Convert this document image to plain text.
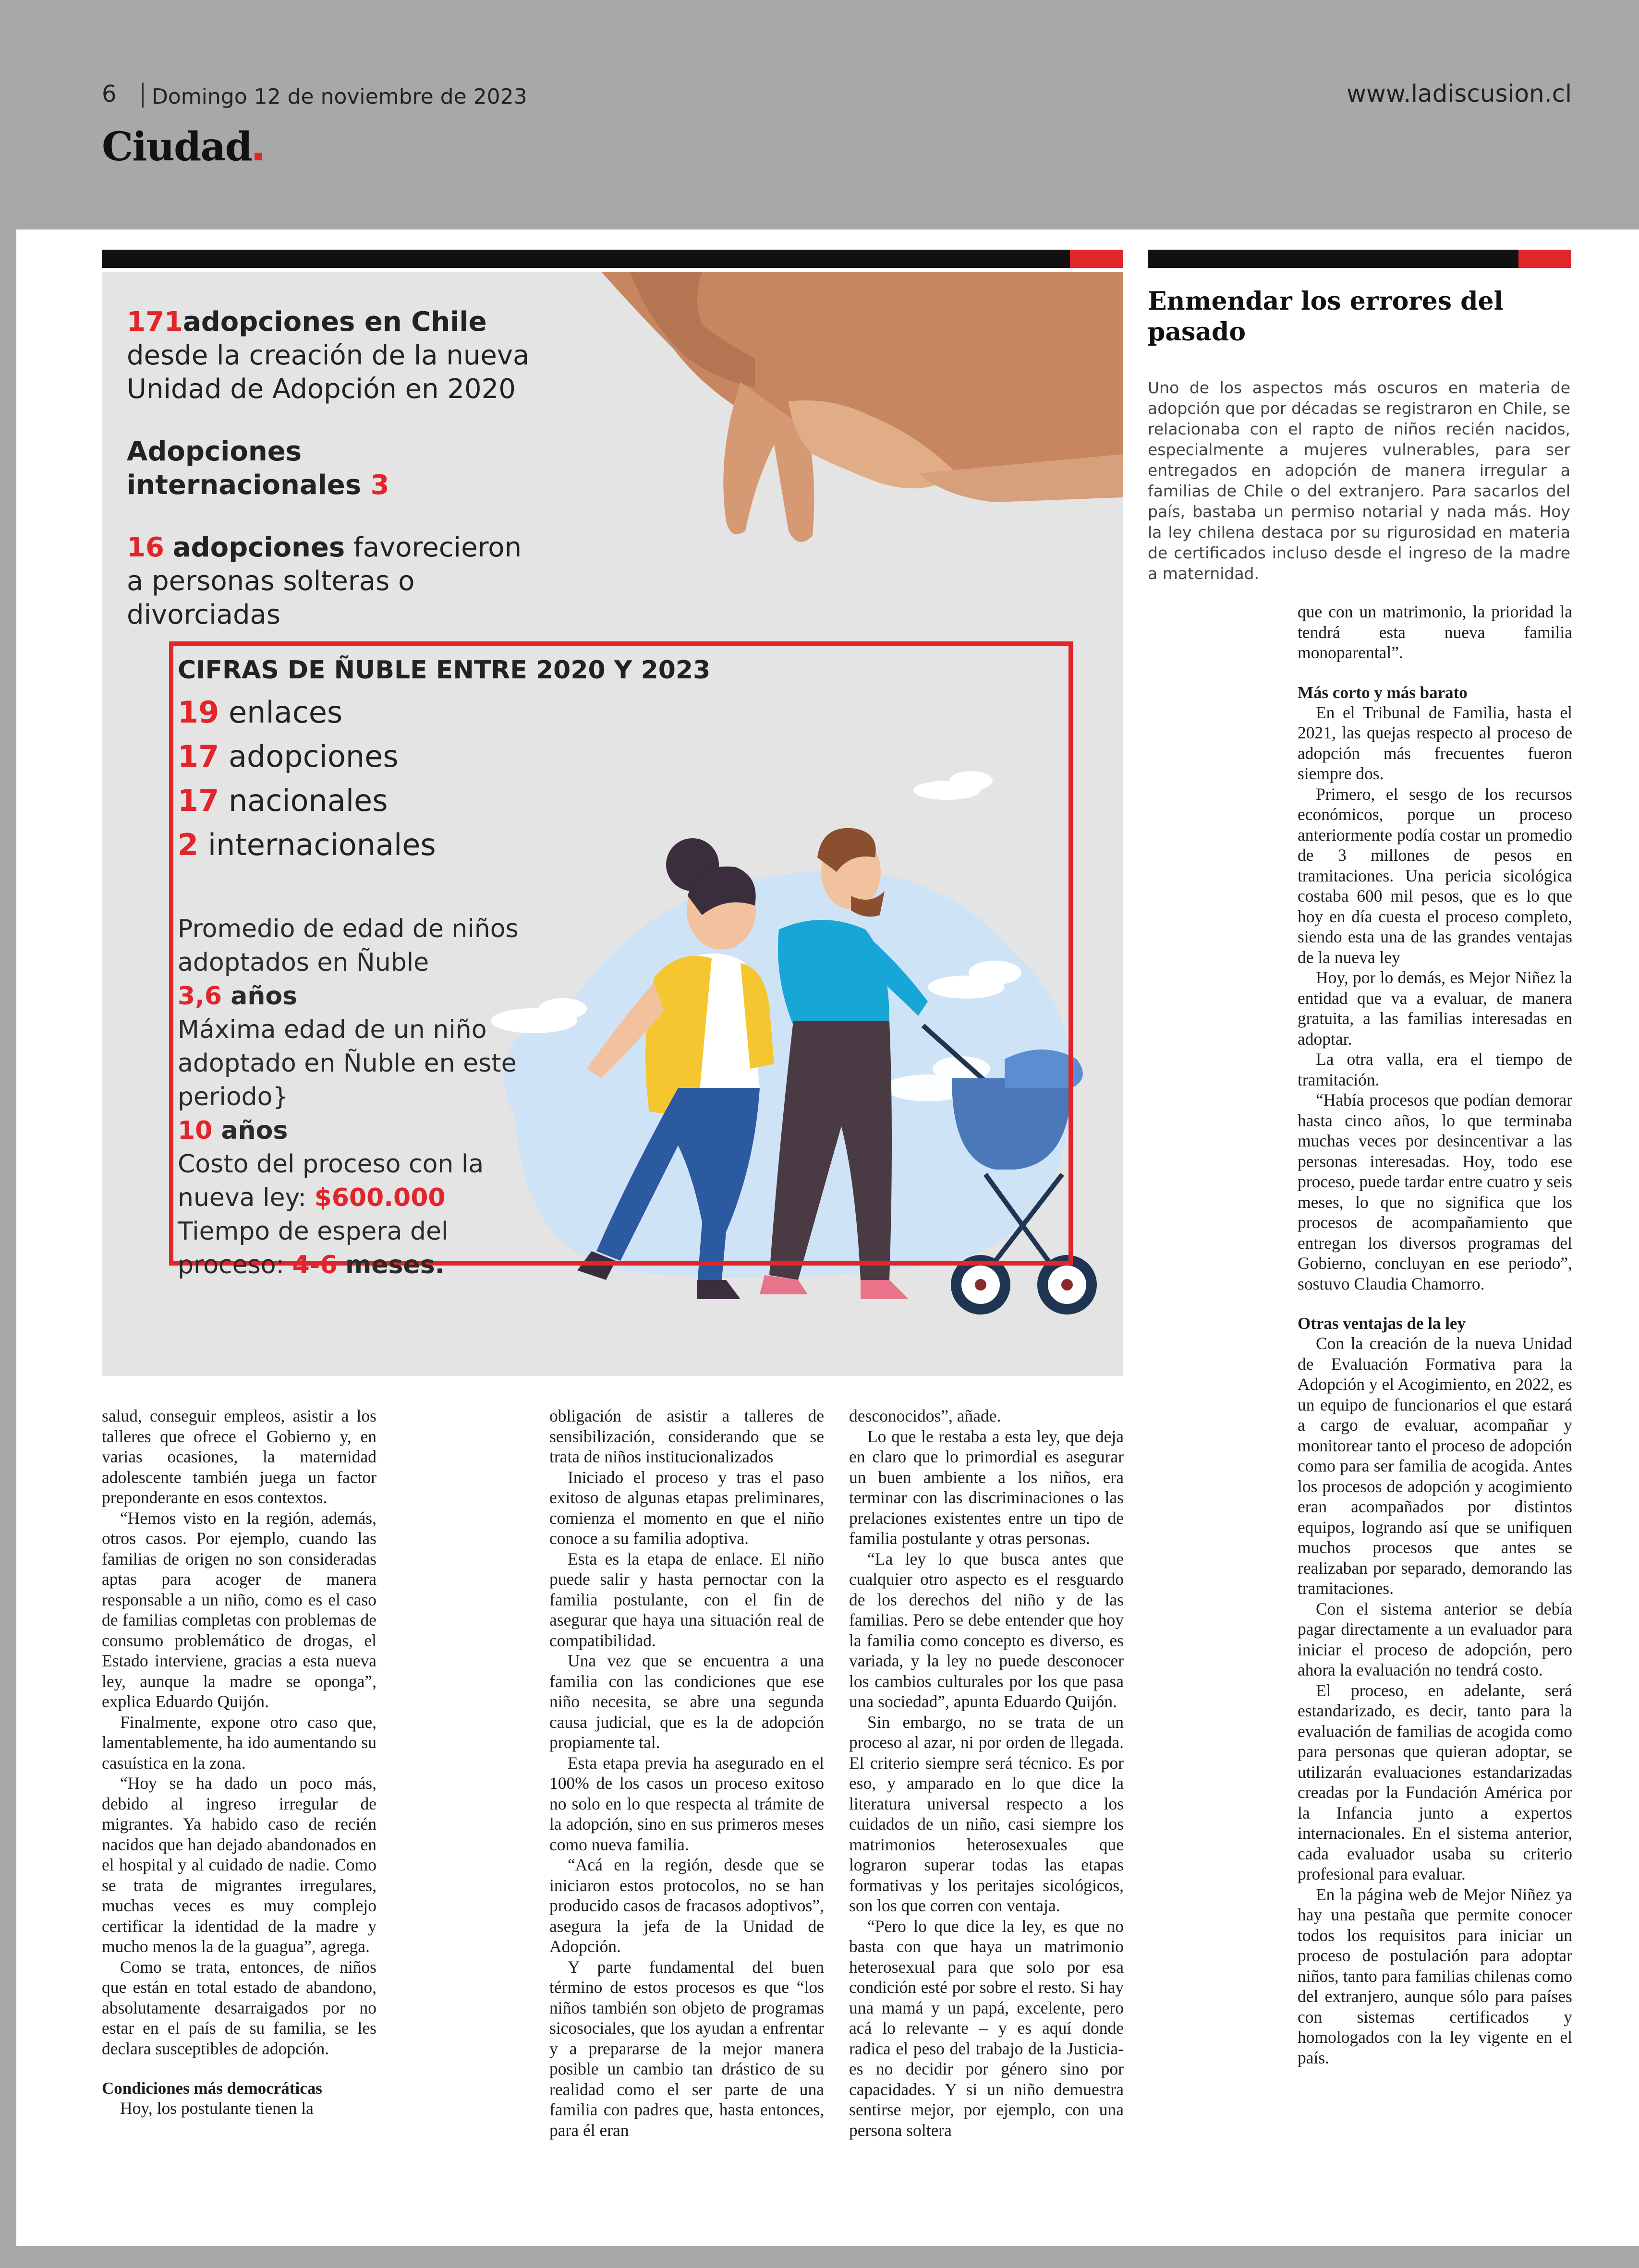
6 Domingo 12 de noviembre de 2023	www.ladiscusion.cl
Ciudad
171adopciones en Chile desde la creación de la nueva Unidad de Adopción en 2020
Adopciones internacionales 3
16 adopciones favorecieron a personas solteras o divorciadas
CIFRAS DE ÑUBLE ENTRE 2020 Y 2023
19 enlaces
17 adopciones
17 nacionales
2 internacionales
Promedio de edad de niños adoptados en Ñuble
3,6 años
Máxima edad de un niño adoptado en Ñuble en este periodo}
10 años
Costo del proceso con la nueva ley: $600.000
Tiempo de espera del proceso: 4-6 meses.
Enmendar los errores del pasado
Uno de los aspectos más oscuros en materia de adopción que por décadas se registraron en Chile, se relacionaba con el rapto de niños recién nacidos, especialmente a mujeres vulnerables, para ser entregados en adopción de manera irregular a familias de Chile o del extranjero. Para sacarlos del país, bastaba un permiso notarial y nada más. Hoy la ley chilena destaca por su rigurosidad en materia de certificados incluso desde el ingreso de la madre a maternidad.

que con un matrimonio, la prioridad la tendrá esta nueva familia monoparental”.

Más corto y más barato

En el Tribunal de Familia, hasta el 2021, las quejas respecto al proceso de adopción más frecuentes fueron siempre dos.

Primero, el sesgo de los recursos económicos, porque un proceso anteriormente podía costar un promedio de 3 millones de pesos en tramitaciones. Una pericia sicológica costaba 600 mil pesos, que es lo que hoy en día cuesta el proceso completo, siendo esta una de las grandes ventajas de la nueva ley

Hoy, por lo demás, es Mejor Niñez la entidad que va a evaluar, de manera gratuita, a las familias interesadas en adoptar.

La otra valla, era el tiempo de tramitación.

“Había procesos que podían demorar hasta cinco años, lo que terminaba muchas veces por desincentivar a las personas interesadas. Hoy, todo ese proceso, puede tardar entre cuatro y seis meses, lo que no significa que los procesos de acompañamiento que entregan los diversos programas del Gobierno, concluyan en ese periodo”, sostuvo Claudia Chamorro.

Otras ventajas de la ley

Con la creación de la nueva Unidad de Evaluación Formativa para la Adopción y el Acogimiento, en 2022, es un equipo de funcionarios el que estará a cargo de evaluar, acompañar y monitorear tanto el proceso de adopción como para ser familia de acogida. Antes los procesos de adopción y acogimiento eran acompañados por distintos equipos, logrando así que se unifiquen muchos procesos que antes se realizaban por separado, demorando las tramitaciones.

Con el sistema anterior se debía pagar directamente a un evaluador para iniciar el proceso de adopción, pero ahora la evaluación no tendrá costo.

El proceso, en adelante, será estandarizado, es decir, tanto para la evaluación de familias de acogida como para personas que quieran adoptar, se utilizarán evaluaciones estandarizadas creadas por la Fundación América por la Infancia junto a expertos internacionales. En el sistema anterior, cada evaluador usaba su criterio profesional para evaluar.

En la página web de Mejor Niñez ya hay una pestaña que permite conocer todos los requisitos para iniciar un proceso de postulación para adoptar niños, tanto para familias chilenas como del extranjero, aunque sólo para países con sistemas certificados y homologados con la ley vigente en el país.

salud, conseguir empleos, asistir a los talleres que ofrece el Gobierno y, en varias ocasiones, la maternidad adolescente también juega un factor preponderante en esos contextos.

“Hemos visto en la región, además, otros casos. Por ejemplo, cuando las familias de origen no son consideradas aptas para acoger de manera responsable a un niño, como es el caso de familias completas con problemas de consumo problemático de drogas, el Estado interviene, gracias a esta nueva ley, aunque la madre se oponga”, explica Eduardo Quijón.

Finalmente, expone otro caso que, lamentablemente, ha ido aumentando su casuística en la zona.

“Hoy se ha dado un poco más, debido al ingreso irregular de migrantes. Ya habido caso de recién nacidos que han dejado abandonados en el hospital y al cuidado de nadie. Como se trata de migrantes irregulares, muchas veces es muy complejo certificar la identidad de la madre y mucho menos la de la guagua”, agrega.

Como se trata, entonces, de niños que están en total estado de abandono, absolutamente desarraigados por no estar en el país de su familia, se les declara susceptibles de adopción.

Condiciones más democráticas

Hoy, los postulante tienen la

obligación de asistir a talleres de sensibilización, considerando que se trata de niños institucionalizados

Iniciado el proceso y tras el paso exitoso de algunas etapas preliminares, comienza el momento en que el niño conoce a su familia adoptiva.

Esta es la etapa de enlace. El niño puede salir y hasta pernoctar con la familia postulante, con el fin de asegurar que haya una situación real de compatibilidad.

Una vez que se encuentra a una familia con las condiciones que ese niño necesita, se abre una segunda causa judicial, que es la de adopción propiamente tal.

Esta etapa previa ha asegurado en el 100% de los casos un proceso exitoso no solo en lo que respecta al trámite de la adopción, sino en sus primeros meses como nueva familia.

“Acá en la región, desde que se iniciaron estos protocolos, no se han producido casos de fracasos adoptivos”, asegura la jefa de la Unidad de Adopción.

Y parte fundamental del buen término de estos procesos es que “los niños también son objeto de programas sicosociales, que los ayudan a enfrentar y a prepararse de la mejor manera posible un cambio tan drástico de su realidad como el ser parte de una familia con padres que, hasta entonces, para él eran

desconocidos”, añade.

Lo que le restaba a esta ley, que deja en claro que lo primordial es asegurar un buen ambiente a los niños, era terminar con las discriminaciones o las prelaciones existentes entre un tipo de familia postulante y otras personas.

“La ley lo que busca antes que cualquier otro aspecto es el resguardo de los derechos del niño y de las familias. Pero se debe entender que hoy la familia como concepto es diverso, es variada, y la ley no puede desconocer los cambios culturales por los que pasa una sociedad”, apunta Eduardo Quijón.

Sin embargo, no se trata de un proceso al azar, ni por orden de llegada. El criterio siempre será técnico. Es por eso, y amparado en lo que dice la literatura universal respecto a los cuidados de un niño, casi siempre los matrimonios heterosexuales que lograron superar todas las etapas formativas y los peritajes sicológicos, son los que corren con ventaja.

“Pero lo que dice la ley, es que no basta con que haya un matrimonio heterosexual para que solo por esa condición esté por sobre el resto. Si hay una mamá y un papá, excelente, pero acá lo relevante – y es aquí donde radica el peso del trabajo de la Justicia- es no decidir por género sino por capacidades. Y si un niño demuestra sentirse mejor, por ejemplo, con una persona soltera
